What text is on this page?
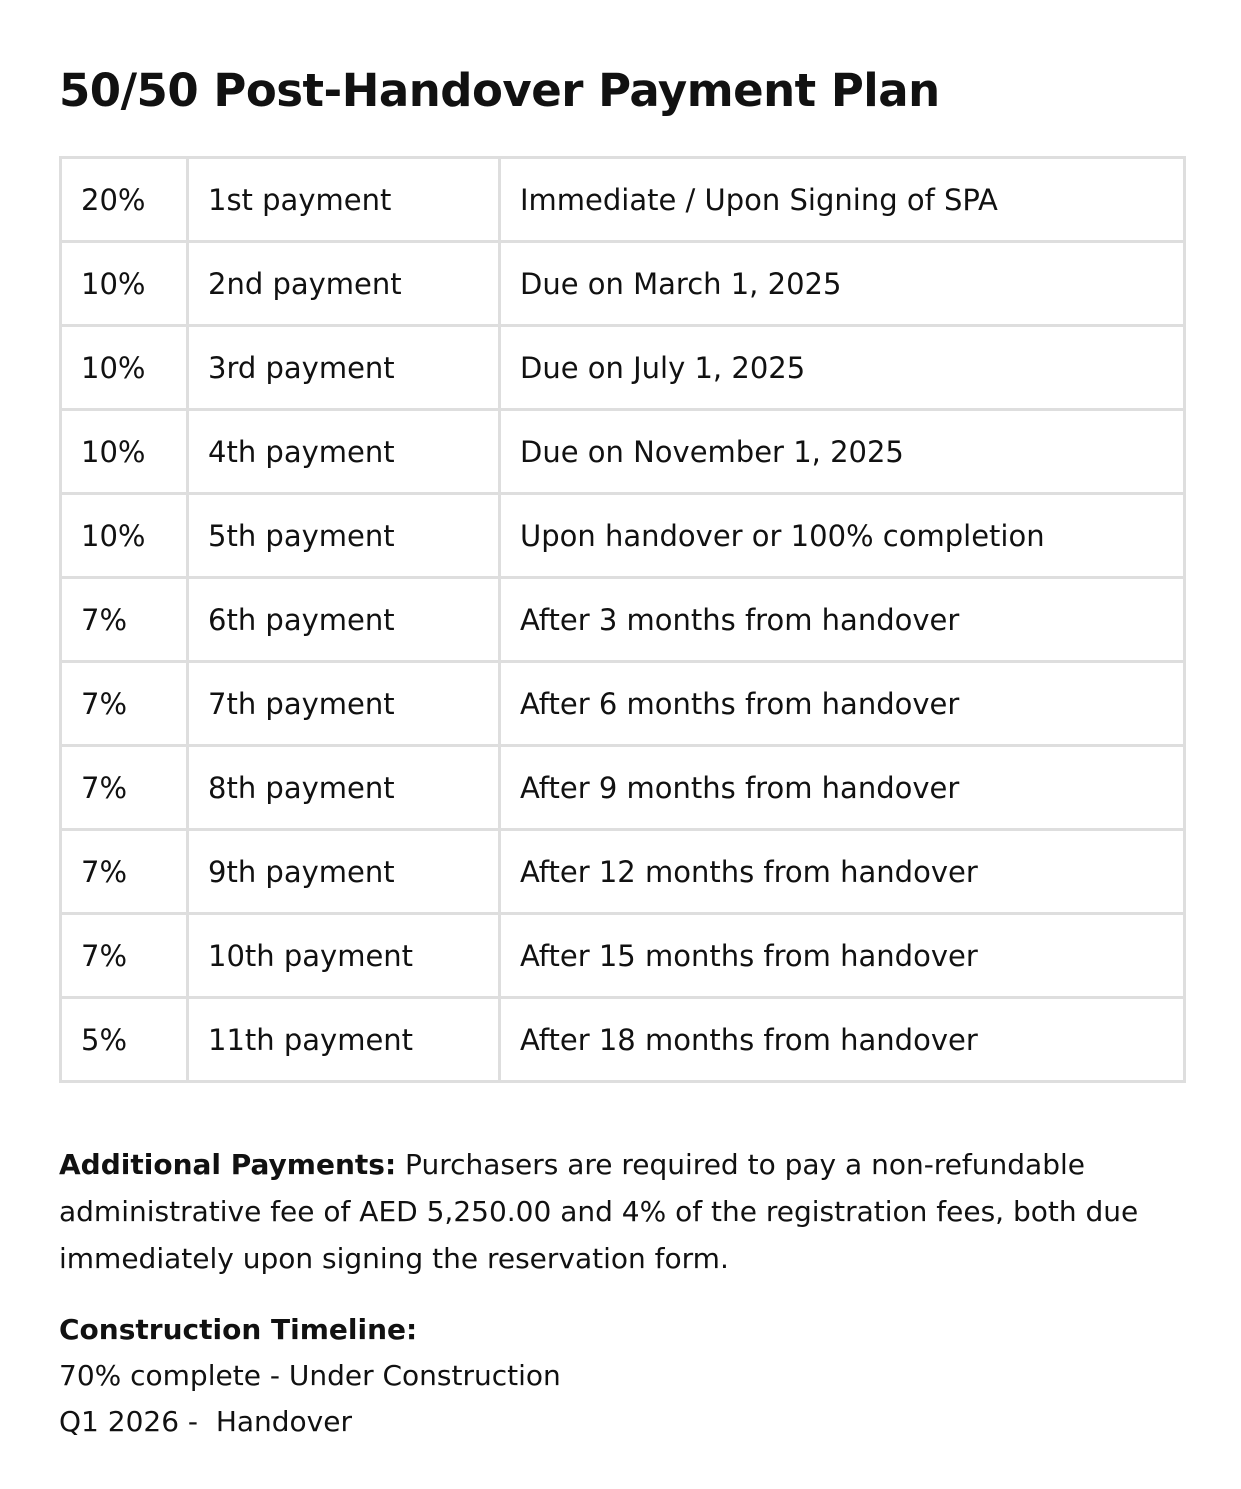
50/50 Post-Handover Payment Plan
20%	1st payment	Immediate / Upon Signing of SPA
10%	2nd payment	Due on March 1, 2025
10%	3rd payment	Due on July 1, 2025
10%	4th payment	Due on November 1, 2025
10%	5th payment	Upon handover or 100% completion
7%	6th payment	After 3 months from handover
7%	7th payment	After 6 months from handover
7%	8th payment	After 9 months from handover
7%	9th payment	After 12 months from handover
7%	10th payment	After 15 months from handover
5%	11th payment	After 18 months from handover

Additional Payments: Purchasers are required to pay a non-refundable administrative fee of AED 5,250.00 and 4% of the registration fees, both due immediately upon signing the reservation form.

Construction Timeline:
70% complete - Under Construction
Q1 2026 -  Handover
